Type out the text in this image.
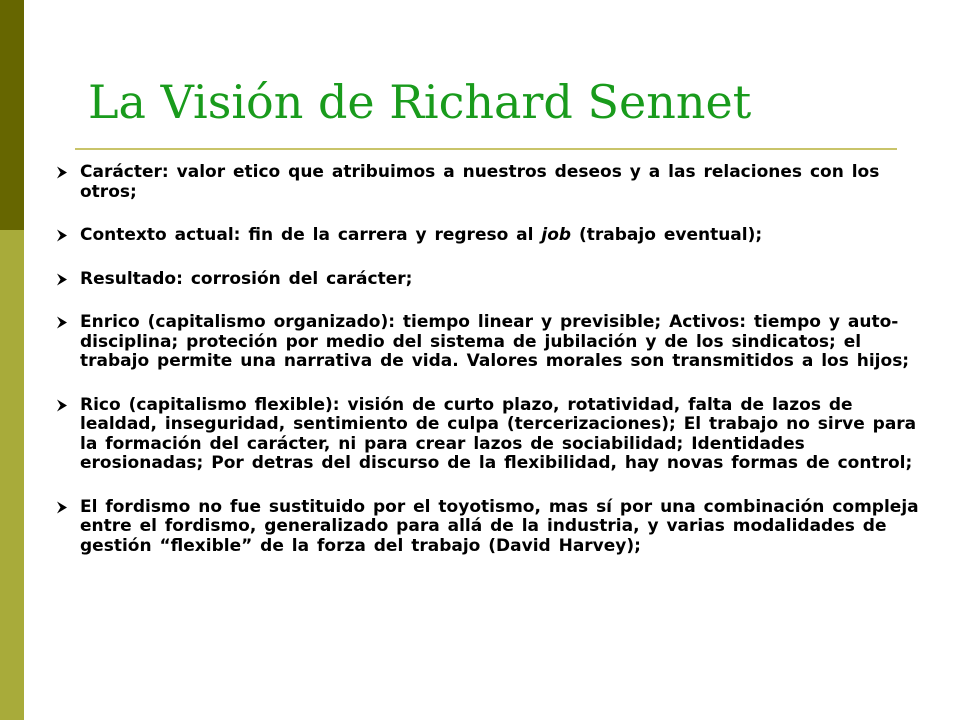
La Visión de Richard Sennet
Carácter: valor etico que atribuimos a nuestros deseos y a las relaciones con los otros;
Contexto actual: fin de la carrera y regreso al job (trabajo eventual);
Resultado: corrosión del carácter;
Enrico (capitalismo organizado): tiempo linear y previsible; Activos: tiempo y auto-disciplina; proteción por medio del sistema de jubilación y de los sindicatos; el trabajo permite una narrativa de vida. Valores morales son transmitidos a los hijos;
Rico (capitalismo flexible): visión de curto plazo, rotatividad, falta de lazos de lealdad, inseguridad, sentimiento de culpa (tercerizaciones); El trabajo no sirve para la formación del carácter, ni para crear lazos de sociabilidad; Identidades erosionadas; Por detras del discurso de la flexibilidad, hay novas formas de control;
El fordismo no fue sustituido por el toyotismo, mas sí por una combinación compleja entre el fordismo, generalizado para allá de la industria, y varias modalidades de gestión “flexible” de la forza del trabajo (David Harvey);
